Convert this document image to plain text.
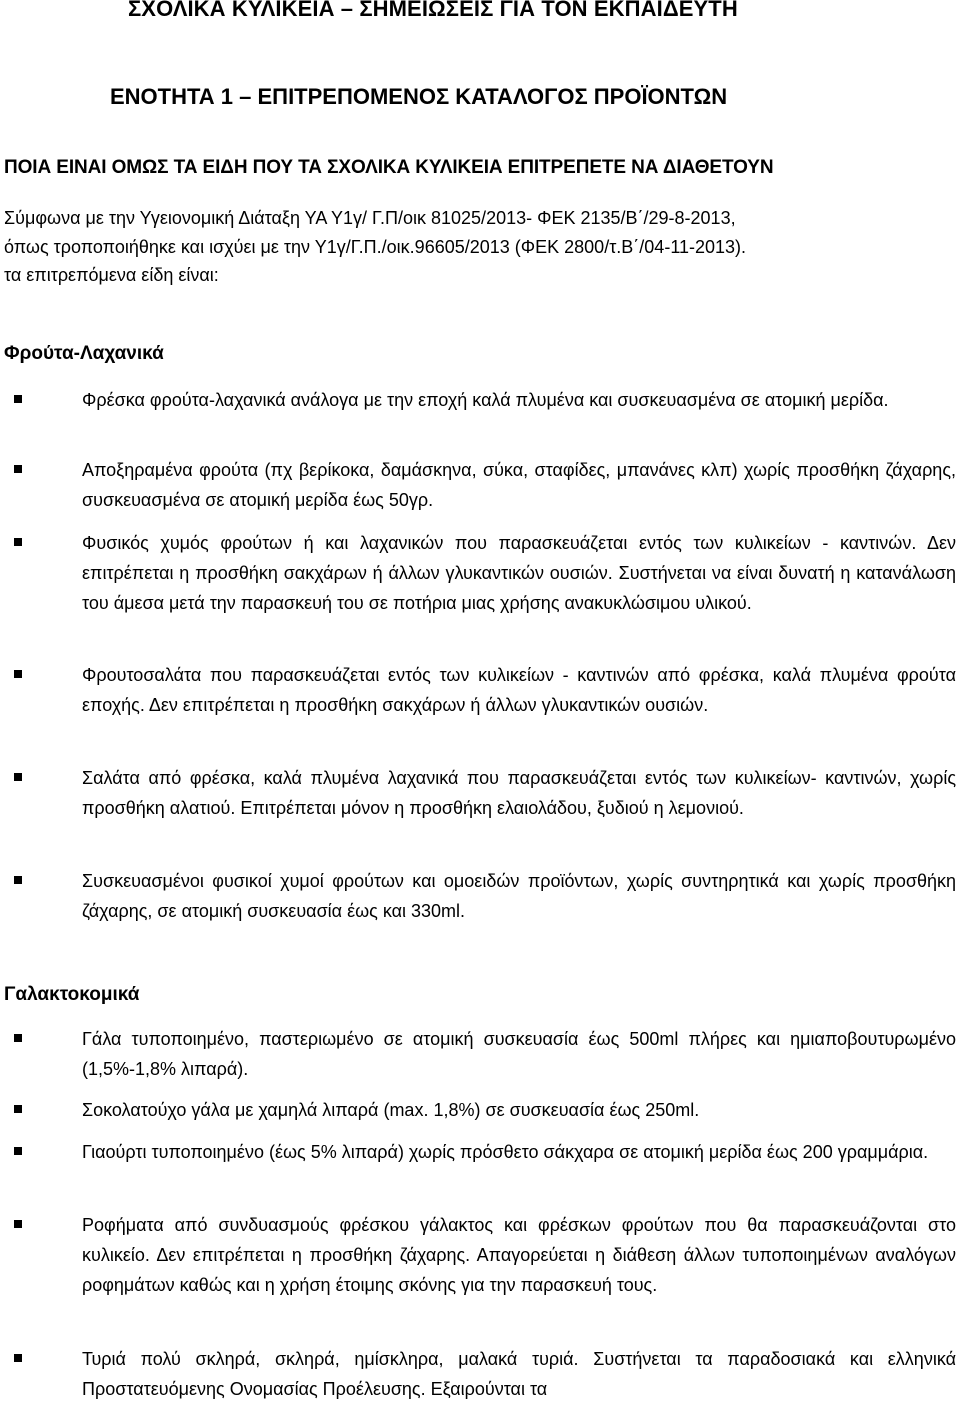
ΣΧΟΛΙΚΑ ΚΥΛΙΚΕΙΑ – ΣΗΜΕΙΩΣΕΙΣ ΓΙΑ ΤΟΝ ΕΚΠΑΙΔΕΥΤΗ
ΕΝΟΤΗΤΑ 1 – ΕΠΙΤΡΕΠΟΜΕΝΟΣ ΚΑΤΑΛΟΓΟΣ ΠΡΟΪΟΝΤΩΝ
ΠΟΙΑ ΕΙΝΑΙ ΟΜΩΣ ΤΑ ΕΙΔΗ ΠΟΥ ΤΑ ΣΧΟΛΙΚΑ ΚΥΛΙΚΕΙΑ ΕΠΙΤΡΕΠΕΤΕ ΝΑ ΔΙΑΘΕΤΟΥΝ

Σύμφωνα με την Υγειονομική Διάταξη ΥΑ Υ1γ/ Γ.Π/οικ 81025/2013- ΦΕΚ 2135/Β΄/29-8-2013,

όπως τροποποιήθηκε και ισχύει με την Υ1γ/Γ.Π./οικ.96605/2013 (ΦΕΚ 2800/τ.Β΄/04-11-2013).

τα επιτρεπόμενα είδη είναι:

Φρούτα-Λαχανικά
Φρέσκα φρούτα-λαχανικά ανάλογα με την εποχή καλά πλυμένα και συσκευασμένα σε ατομική μερίδα.
Αποξηραμένα φρούτα (πχ βερίκοκα, δαμάσκηνα, σύκα, σταφίδες, μπανάνες κλπ) χωρίς προσθήκη ζάχαρης, συσκευασμένα σε ατομική μερίδα έως 50γρ.
Φυσικός χυμός φρούτων ή και λαχανικών που παρασκευάζεται εντός των κυλικείων - καντινών. Δεν επιτρέπεται η προσθήκη σακχάρων ή άλλων γλυκαντικών ουσιών. Συστήνεται να είναι δυνατή η κατανάλωση του άμεσα μετά την παρασκευή του σε ποτήρια μιας χρήσης ανακυκλώσιμου υλικού.
Φρουτοσαλάτα που παρασκευάζεται εντός των κυλικείων - καντινών από φρέσκα, καλά πλυμένα φρούτα εποχής. Δεν επιτρέπεται η προσθήκη σακχάρων ή άλλων γλυκαντικών ουσιών.
Σαλάτα από φρέσκα, καλά πλυμένα λαχανικά που παρασκευάζεται εντός των κυλικείων- καντινών, χωρίς προσθήκη αλατιού. Επιτρέπεται μόνον η προσθήκη ελαιολάδου, ξυδιού η λεμονιού.
Συσκευασμένοι φυσικοί χυμοί φρούτων και ομοειδών προϊόντων, χωρίς συντηρητικά και χωρίς προσθήκη ζάχαρης, σε ατομική συσκευασία έως και 330ml.
Γαλακτοκομικά
Γάλα τυποποιημένο, παστεριωμένο σε ατομική συσκευασία έως 500ml πλήρες και ημιαποβουτυρωμένο (1,5%-1,8% λιπαρά).
Σοκολατούχο γάλα με χαμηλά λιπαρά (max. 1,8%) σε συσκευασία έως 250ml.
Γιαούρτι τυποποιημένο (έως 5% λιπαρά) χωρίς πρόσθετο σάκχαρα σε ατομική μερίδα έως 200 γραμμάρια.
Ροφήματα από συνδυασμούς φρέσκου γάλακτος και φρέσκων φρούτων που θα παρασκευάζονται στο κυλικείο. Δεν επιτρέπεται η προσθήκη ζάχαρης. Απαγορεύεται η διάθεση άλλων τυποποιημένων αναλόγων ροφημάτων καθώς και η χρήση έτοιμης σκόνης για την παρασκευή τους.
Τυριά πολύ σκληρά, σκληρά, ημίσκληρα, μαλακά τυριά. Συστήνεται τα παραδοσιακά και ελληνικά Προστατευόμενης Ονομασίας Προέλευσης. Εξαιρούνται τα
